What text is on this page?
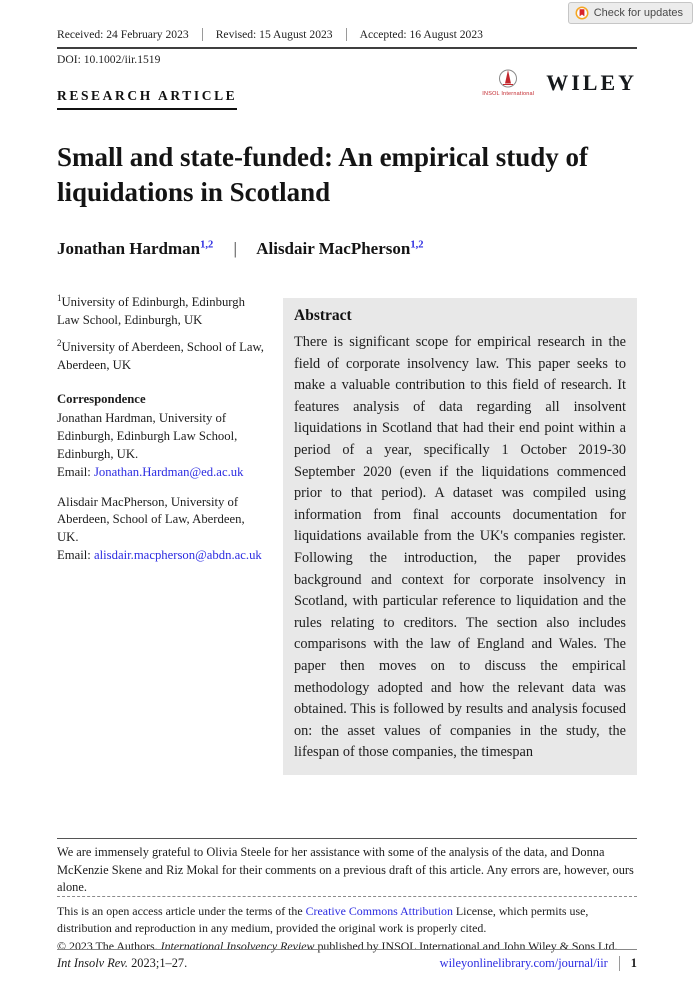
Check for updates
Received: 24 February 2023	Revised: 15 August 2023	Accepted: 16 August 2023
DOI: 10.1002/iir.1519
RESEARCH ARTICLE	INSOL International WILEY
Small and state-funded: An empirical study of liquidations in Scotland
Jonathan Hardman$^{1,2}$ | Alisdair MacPherson$^{1,2}$

$^1$University of Edinburgh, Edinburgh Law School, Edinburgh, UK

$^2$University of Aberdeen, School of Law, Aberdeen, UK

Correspondence

Jonathan Hardman, University of Edinburgh, Edinburgh Law School, Edinburgh, UK.
Email: Jonathan.Hardman@ed.ac.uk

Alisdair MacPherson, University of Aberdeen, School of Law, Aberdeen, UK.
Email: alisdair.macpherson@abdn.ac.uk

Abstract
There is significant scope for empirical research in the field of corporate insolvency law. This paper seeks to make a valuable contribution to this field of research. It features analysis of data regarding all insolvent liquidations in Scotland that had their end point within a period of a year, specifically 1 October 2019-30 September 2020 (even if the liquidations commenced prior to that period). A dataset was compiled using information from final accounts documentation for liquidations available from the UK's companies register. Following the introduction, the paper provides background and context for corporate insolvency in Scotland, with particular reference to liquidation and the rules relating to creditors. The section also includes comparisons with the law of England and Wales. The paper then moves on to discuss the empirical methodology adopted and how the relevant data was obtained. This is followed by results and analysis focused on: the asset values of companies in the study, the lifespan of those companies, the timespan
We are immensely grateful to Olivia Steele for her assistance with some of the analysis of the data, and Donna McKenzie Skene and Riz Mokal for their comments on a previous draft of this article. Any errors are, however, ours alone.

This is an open access article under the terms of the Creative Commons Attribution License, which permits use, distribution and reproduction in any medium, provided the original work is properly cited.

© 2023 The Authors. International Insolvency Review published by INSOL International and John Wiley & Sons Ltd.

Int Insolv Rev. 2023;1–27.	wileyonlinelibrary.com/journal/iir	1
